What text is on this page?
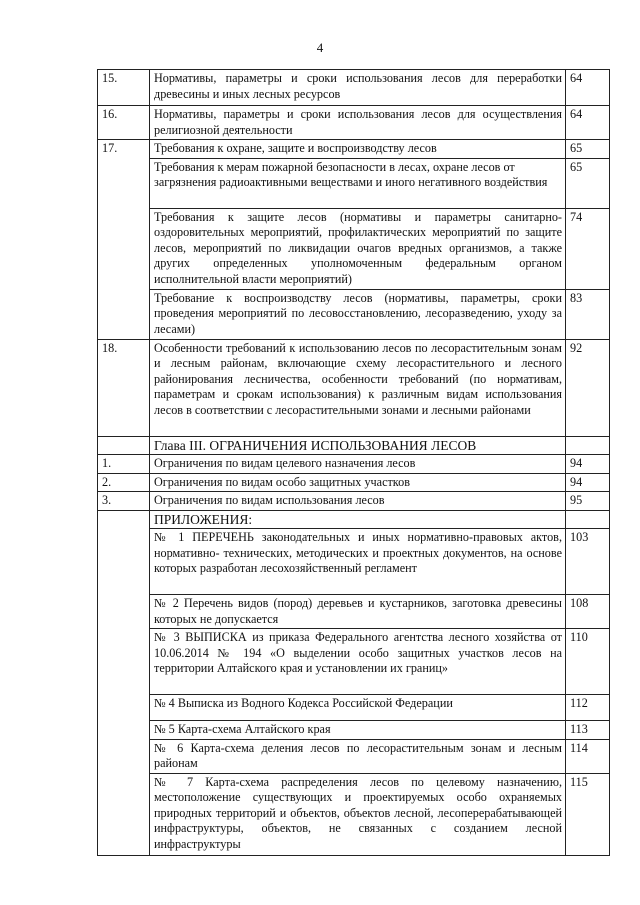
4
15.	Нормативы, параметры и сроки использования лесов для переработки древесины и иных лесных ресурсов	64
16.	Нормативы, параметры и сроки использования лесов для осуществления религиозной деятельности	64
17.	Требования к охране, защите и воспроизводству лесов	65
	Требования к мерам пожарной безопасности в лесах, охране лесов от загрязнения радиоактивными веществами и иного негативного воздействия	65
	Требования к защите лесов (нормативы и параметры санитарно-оздоровительных мероприятий, профилактических мероприятий по защите лесов, мероприятий по ликвидации очагов вредных организмов, а также других определенных уполномоченным федеральным органом исполнительной власти мероприятий)	74
	Требование к воспроизводству лесов (нормативы, параметры, сроки проведения мероприятий по лесовосстановлению, лесоразведению, уходу за лесами)	83
18.	Особенности требований к использованию лесов по лесорастительным зонам и лесным районам, включающие схему лесорастительного и лесного районирования лесничества, особенности требований (по нормативам, параметрам и срокам использования) к различным видам использования лесов в соответствии с лесорастительными зонами и лесными районами	92
	Глава III. ОГРАНИЧЕНИЯ ИСПОЛЬЗОВАНИЯ ЛЕСОВ	
1.	Ограничения по видам целевого назначения лесов	94
2.	Ограничения по видам особо защитных участков	94
3.	Ограничения по видам использования лесов	95
	ПРИЛОЖЕНИЯ:	
	№ 1 ПЕРЕЧЕНЬ законодательных и иных нормативно-правовых актов, нормативно- технических, методических и проектных документов, на основе которых разработан лесохозяйственный регламент	103
	№ 2 Перечень видов (пород) деревьев и кустарников, заготовка древесины которых не допускается	108
	№ 3 ВЫПИСКА из приказа Федерального агентства лесного хозяйства от 10.06.2014 № 194 «О выделении особо защитных участков лесов на территории Алтайского края и установлении их границ»	110
	№ 4 Выписка из Водного Кодекса Российской Федерации	112
	№ 5 Карта-схема Алтайского края	113
	№ 6 Карта-схема деления лесов по лесорастительным зонам и лесным районам	114
	№ 7 Карта-схема распределения лесов по целевому назначению, местоположение существующих и проектируемых особо охраняемых природных территорий и объектов, объектов лесной, лесоперерабатывающей инфраструктуры, объектов, не связанных с созданием лесной инфраструктуры	115
